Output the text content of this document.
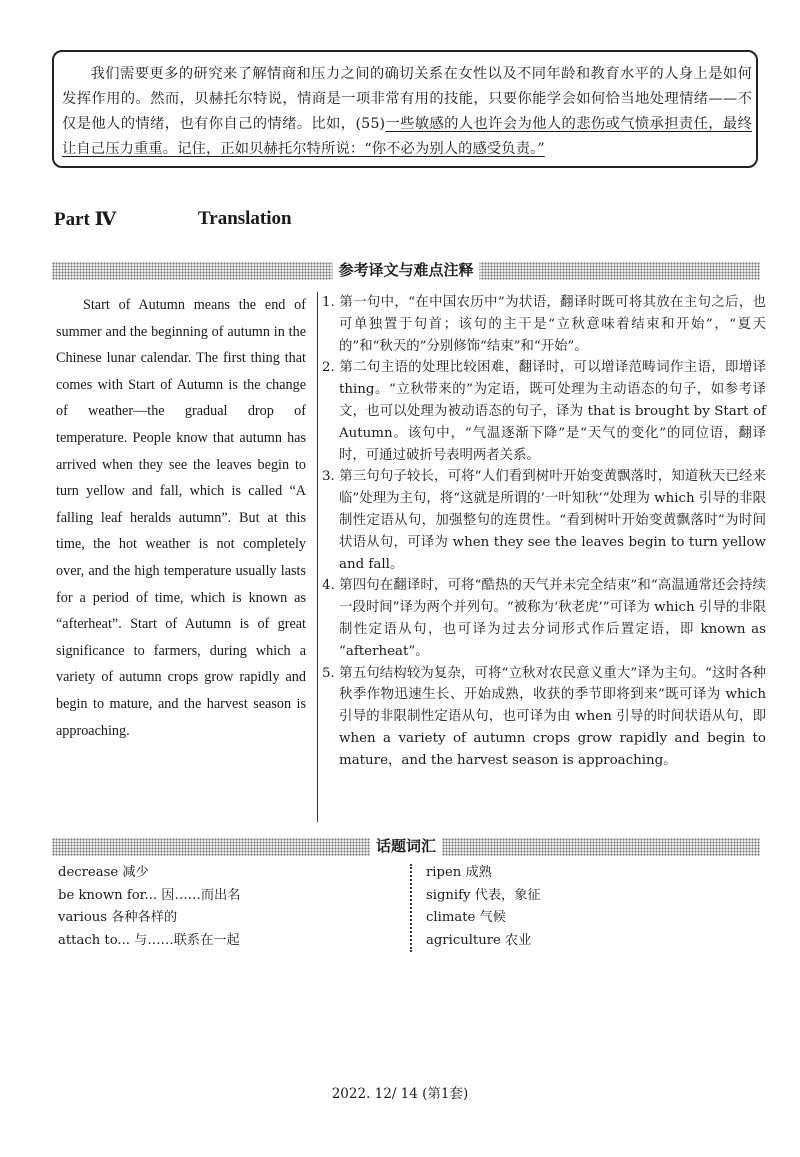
我们需要更多的研究来了解情商和压力之间的确切关系在女性以及不同年龄和教育水平的人身上是如何发挥作用的。然而，贝赫托尔特说，情商是一项非常有用的技能，只要你能学会如何恰当地处理情绪——不仅是他人的情绪，也有你自己的情绪。比如，(55)一些敏感的人也许会为他人的悲伤或气愤承担责任，最终让自己压力重重。记住，正如贝赫托尔特所说：“你不必为别人的感受负责。”
Part Ⅳ	Translation
参考译文与难点注释
Start of Autumn means the end of summer and the beginning of autumn in the Chinese lunar calendar. The first thing that comes with Start of Autumn is the change of weather—the gradual drop of temperature. People know that autumn has arrived when they see the leaves begin to turn yellow and fall, which is called “A falling leaf heralds autumn”. But at this time, the hot weather is not completely over, and the high temperature usually lasts for a period of time, which is known as “afterheat”. Start of Autumn is of great significance to farmers, during which a variety of autumn crops grow rapidly and begin to mature, and the harvest season is approaching.
1. 第一句中，“在中国农历中”为状语，翻译时既可将其放在主句之后，也可单独置于句首；该句的主干是“立秋意味着结束和开始”，“夏天的”和“秋天的”分别修饰“结束”和“开始”。
2. 第二句主语的处理比较困难，翻译时，可以增译范畴词作主语，即增译 thing。“立秋带来的”为定语，既可处理为主动语态的句子，如参考译文，也可以处理为被动语态的句子，译为 that is brought by Start of Autumn。该句中，“气温逐渐下降”是“天气的变化”的同位语，翻译时，可通过破折号表明两者关系。
3. 第三句句子较长，可将“人们看到树叶开始变黄飘落时，知道秋天已经来临”处理为主句，将“这就是所谓的‘一叶知秋’”处理为 which 引导的非限制性定语从句，加强整句的连贯性。“看到树叶开始变黄飘落时”为时间状语从句，可译为 when they see the leaves begin to turn yellow and fall。
4. 第四句在翻译时，可将“酷热的天气并未完全结束”和“高温通常还会持续一段时间”译为两个并列句。“被称为‘秋老虎’”可译为 which 引导的非限制性定语从句，也可译为过去分词形式作后置定语，即 known as “afterheat”。
5. 第五句结构较为复杂，可将“立秋对农民意义重大”译为主句。“这时各种秋季作物迅速生长、开始成熟，收获的季节即将到来”既可译为 which 引导的非限制性定语从句，也可译为由 when 引导的时间状语从句，即 when a variety of autumn crops grow rapidly and begin to mature，and the harvest season is approaching。
话题词汇
decrease 减少
be known for... 因……而出名
various 各种各样的
attach to... 与……联系在一起
ripen 成熟
signify 代表，象征
climate 气候
agriculture 农业
2022. 12/ 14 (第1套)
